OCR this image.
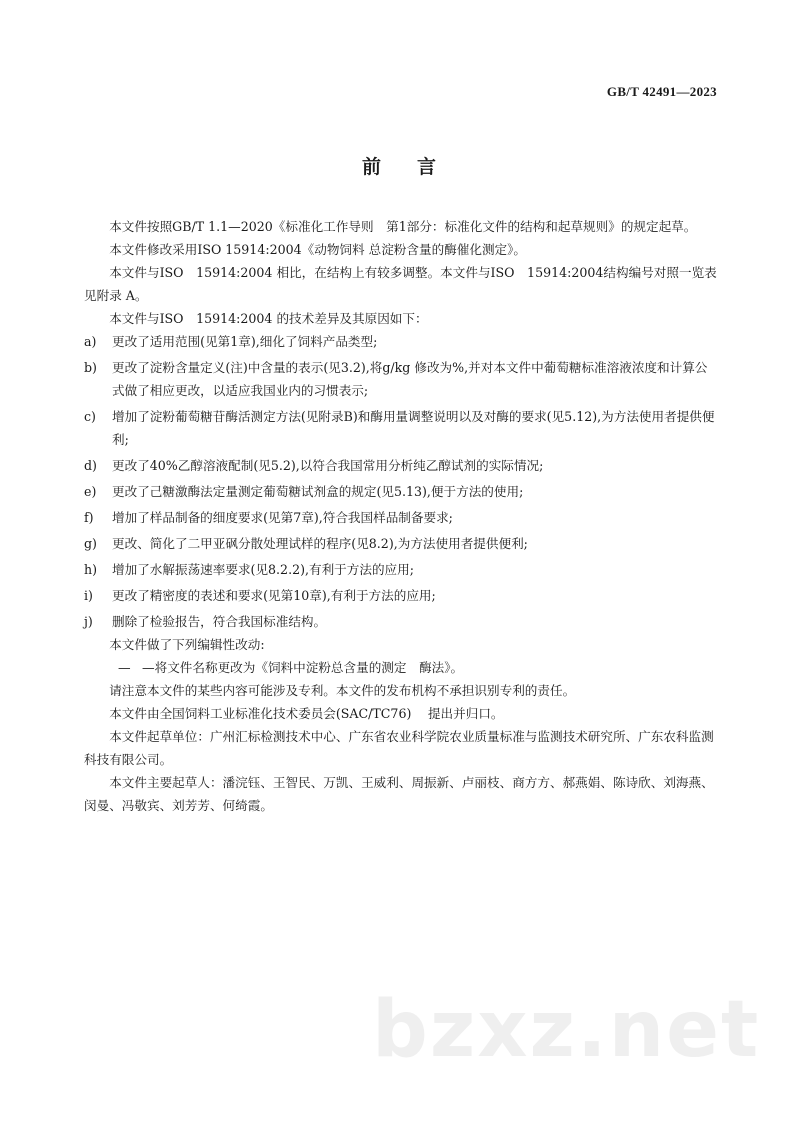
GB/T 42491—2023
前 言

本文件按照GB/T 1.1—2020《标准化工作导则　第1部分：标准化文件的结构和起草规则》的规定起草。

本文件修改采用ISO 15914:2004《动物饲料 总淀粉含量的酶催化测定》。

本文件与ISO　15914:2004 相比，在结构上有较多调整。本文件与ISO　15914:2004结构编号对照一览表见附录 A。

本文件与ISO　15914:2004 的技术差异及其原因如下：

a) 更改了适用范围(见第1章),细化了饲料产品类型;
b) 更改了淀粉含量定义(注)中含量的表示(见3.2),将g/kg 修改为%,并对本文件中葡萄糖标准溶液浓度和计算公式做了相应更改，以适应我国业内的习惯表示;
c) 增加了淀粉葡萄糖苷酶活测定方法(见附录B)和酶用量调整说明以及对酶的要求(见5.12),为方法使用者提供便利;
d) 更改了40%乙醇溶液配制(见5.2),以符合我国常用分析纯乙醇试剂的实际情况;
e) 更改了己糖激酶法定量测定葡萄糖试剂盒的规定(见5.13),便于方法的使用;
f) 增加了样品制备的细度要求(见第7章),符合我国样品制备要求;
g) 更改、简化了二甲亚砜分散处理试样的程序(见8.2),为方法使用者提供便利;
h) 增加了水解振荡速率要求(见8.2.2),有利于方法的应用;
i) 更改了精密度的表述和要求(见第10章),有利于方法的应用;
j) 删除了检验报告，符合我国标准结构。

本文件做了下列编辑性改动:

— —将文件名称更改为《饲料中淀粉总含量的测定　酶法》。

请注意本文件的某些内容可能涉及专利。本文件的发布机构不承担识别专利的责任。

本文件由全国饲料工业标准化技术委员会(SAC/TC76)　 提出并归口。

本文件起草单位：广州汇标检测技术中心、广东省农业科学院农业质量标准与监测技术研究所、广东农科监测科技有限公司。

本文件主要起草人：潘浣钰、王智民、万凯、王威利、周振新、卢丽枝、商方方、郝燕娟、陈诗欣、刘海燕、闵曼、冯敬宾、刘芳芳、何绮霞。

bzxz.net
